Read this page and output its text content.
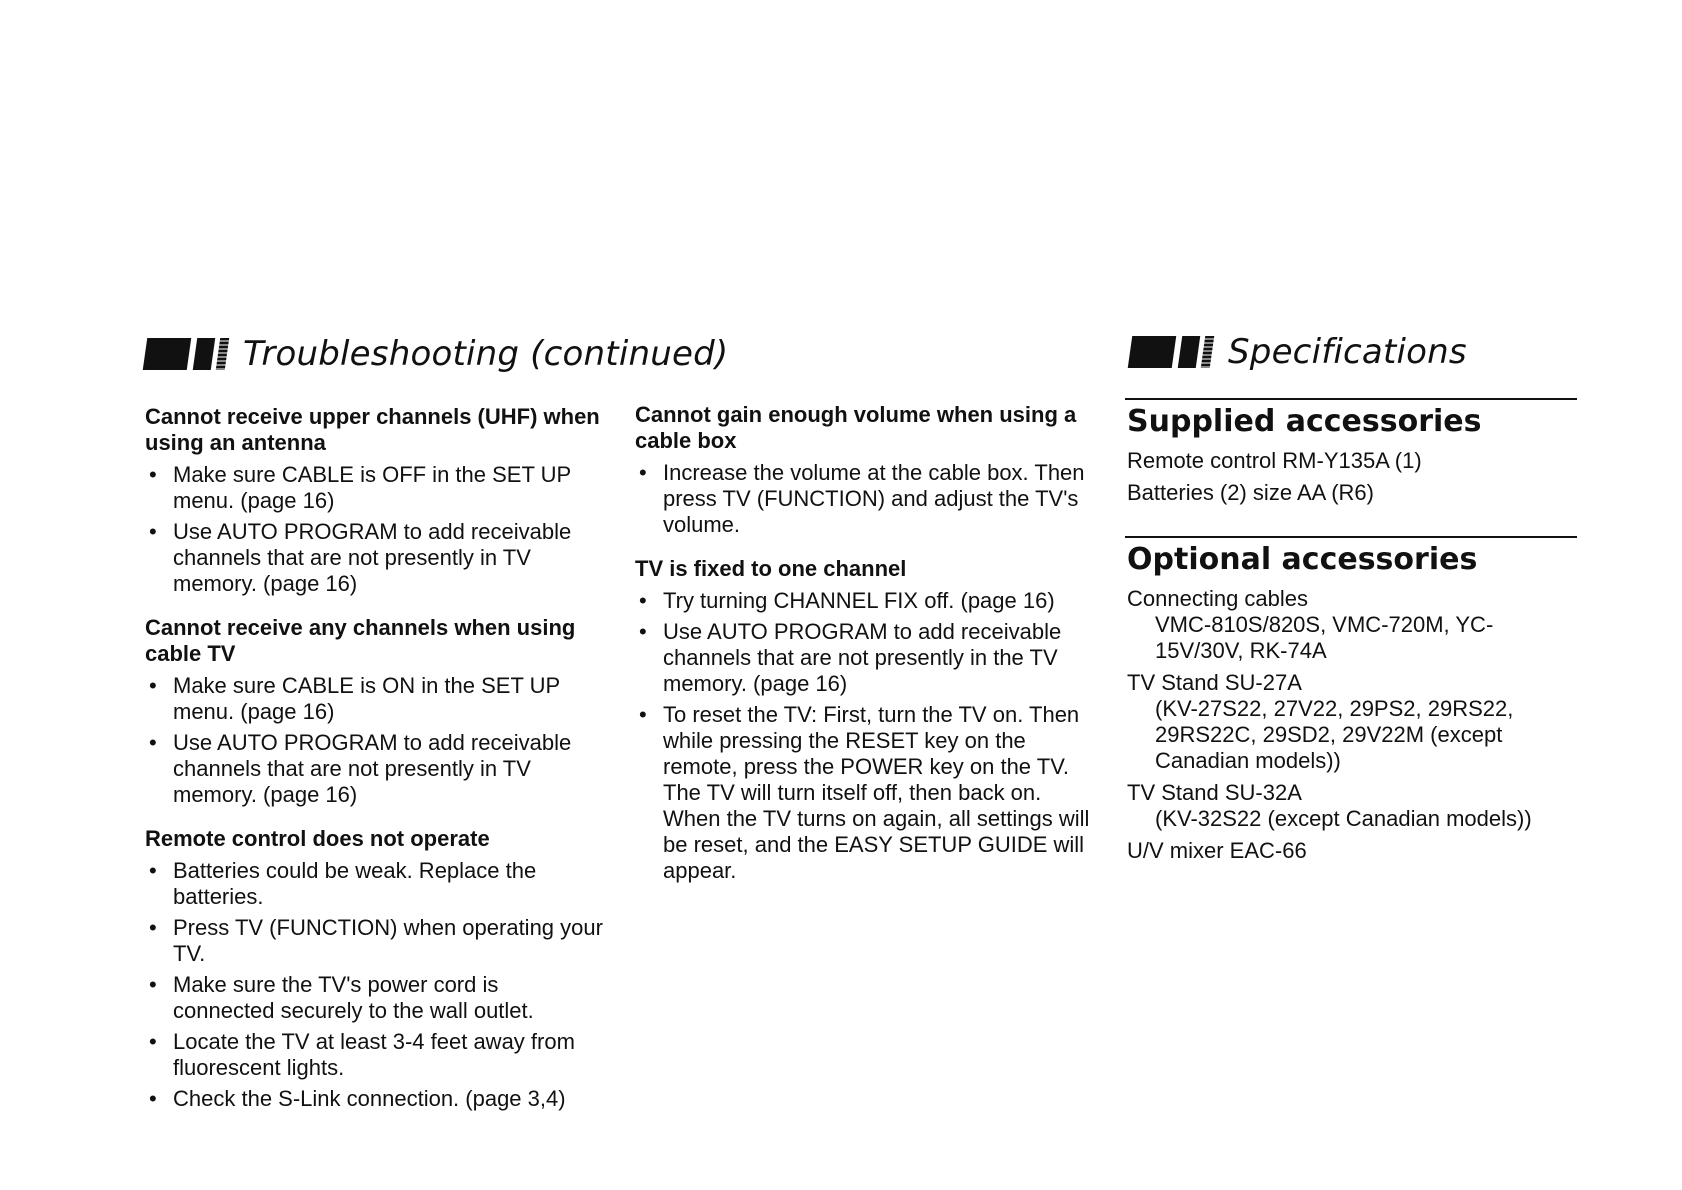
Troubleshooting (continued)
Cannot receive upper channels (UHF) when using an antenna
• Make sure CABLE is OFF in the SET UP menu. (page 16)
• Use AUTO PROGRAM to add receivable channels that are not presently in TV memory. (page 16)
Cannot receive any channels when using cable TV
• Make sure CABLE is ON in the SET UP menu. (page 16)
• Use AUTO PROGRAM to add receivable channels that are not presently in TV memory. (page 16)
Remote control does not operate
• Batteries could be weak. Replace the batteries.
• Press TV (FUNCTION) when operating your TV.
• Make sure the TV's power cord is connected securely to the wall outlet.
• Locate the TV at least 3-4 feet away from fluorescent lights.
• Check the S-Link connection. (page 3,4)
Cannot gain enough volume when using a cable box
• Increase the volume at the cable box. Then press TV (FUNCTION) and adjust the TV's volume.
TV is fixed to one channel
• Try turning CHANNEL FIX off. (page 16)
• Use AUTO PROGRAM to add receivable channels that are not presently in the TV memory. (page 16)
• To reset the TV: First, turn the TV on. Then while pressing the RESET key on the remote, press the POWER key on the TV. The TV will turn itself off, then back on. When the TV turns on again, all settings will be reset, and the EASY SETUP GUIDE will appear.
Specifications
Supplied accessories
Remote control RM-Y135A (1)
Batteries (2) size AA (R6)
Optional accessories
Connecting cables
VMC-810S/820S, VMC-720M, YC-15V/30V, RK-74A
TV Stand SU-27A
(KV-27S22, 27V22, 29PS2, 29RS22, 29RS22C, 29SD2, 29V22M (except Canadian models))
TV Stand SU-32A
(KV-32S22 (except Canadian models))
U/V mixer EAC-66
